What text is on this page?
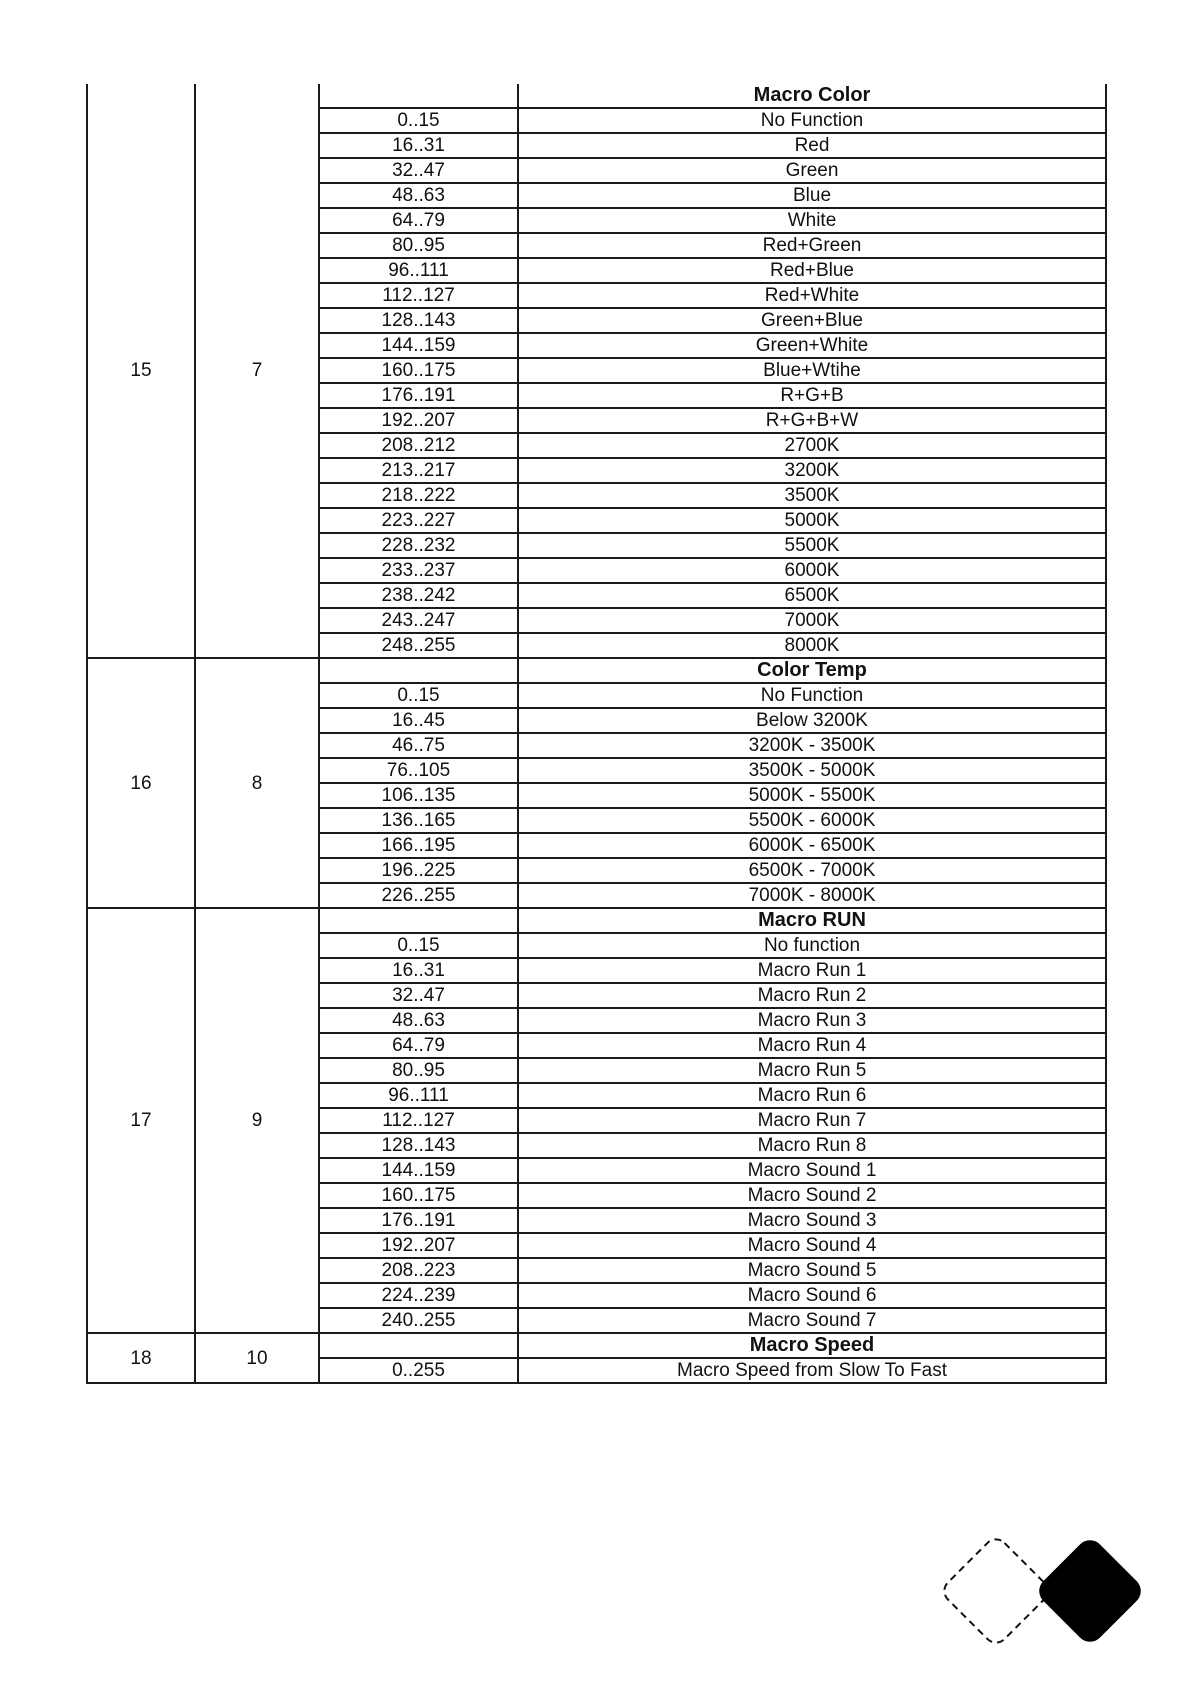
15	7		Macro Color
		0..15	No Function
		16..31	Red
		32..47	Green
		48..63	Blue
		64..79	White
		80..95	Red+Green
		96..111	Red+Blue
		112..127	Red+White
		128..143	Green+Blue
		144..159	Green+White
		160..175	Blue+Wtihe
		176..191	R+G+B
		192..207	R+G+B+W
		208..212	2700K
		213..217	3200K
		218..222	3500K
		223..227	5000K
		228..232	5500K
		233..237	6000K
		238..242	6500K
		243..247	7000K
		248..255	8000K
16	8		Color Temp
		0..15	No Function
		16..45	Below 3200K
		46..75	3200K - 3500K
		76..105	3500K - 5000K
		106..135	5000K - 5500K
		136..165	5500K - 6000K
		166..195	6000K - 6500K
		196..225	6500K - 7000K
		226..255	7000K - 8000K
17	9		Macro RUN
		0..15	No function
		16..31	Macro Run 1
		32..47	Macro Run 2
		48..63	Macro Run 3
		64..79	Macro Run 4
		80..95	Macro Run 5
		96..111	Macro Run 6
		112..127	Macro Run 7
		128..143	Macro Run 8
		144..159	Macro Sound 1
		160..175	Macro Sound 2
		176..191	Macro Sound 3
		192..207	Macro Sound 4
		208..223	Macro Sound 5
		224..239	Macro Sound 6
		240..255	Macro Sound 7
18	10		Macro Speed
		0..255	Macro Speed from Slow To Fast
